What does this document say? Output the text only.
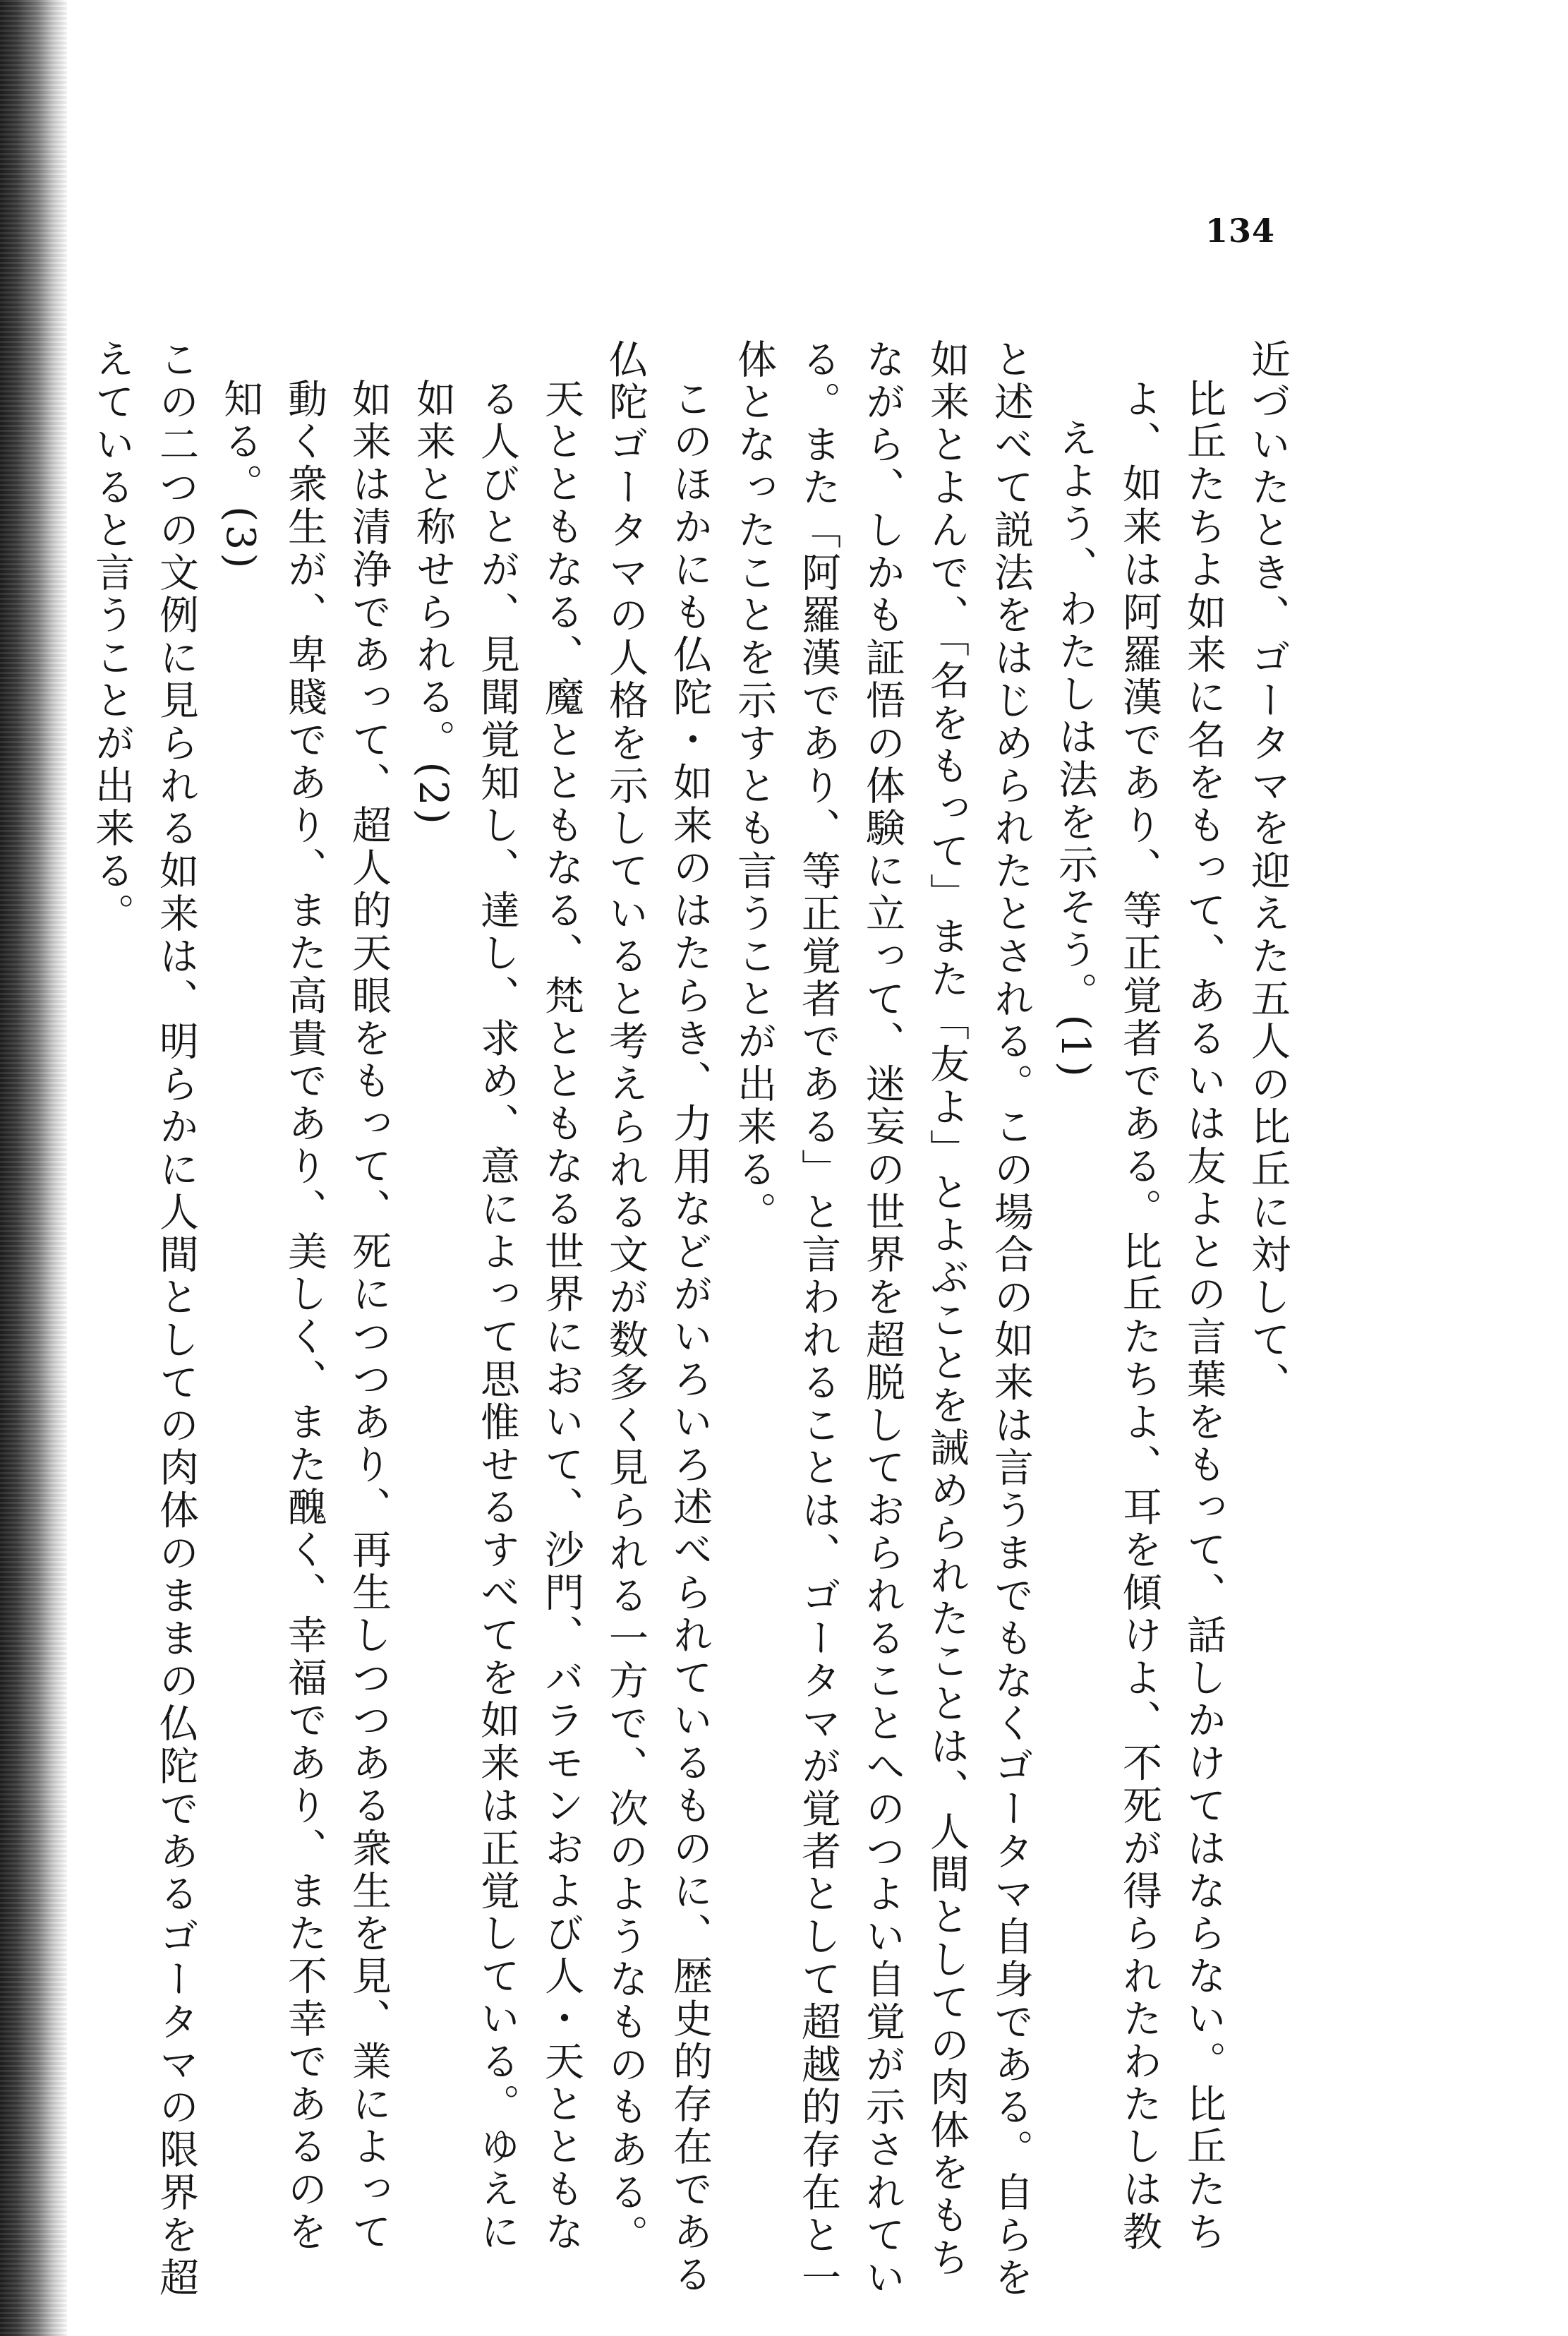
134
近づいたとき、ゴータマを迎えた五人の比丘に対して、
比丘たちよ如来に名をもって、あるいは友よとの言葉をもって、話しかけてはならない。比丘たち
よ、如来は阿羅漢であり、等正覚者である。比丘たちよ、耳を傾けよ、不死が得られたわたしは教
えよう、わたしは法を示そう。(1)
と述べて説法をはじめられたとされる。この場合の如来は言うまでもなくゴータマ自身である。自らを
如来とよんで、「名をもって」また「友よ」とよぶことを誡められたことは、人間としての肉体をもち
ながら、しかも証悟の体験に立って、迷妄の世界を超脱しておられることへのつよい自覚が示されてい
る。また「阿羅漢であり、等正覚者である」と言われることは、ゴータマが覚者として超越的存在と一
体となったことを示すとも言うことが出来る。
このほかにも仏陀・如来のはたらき、力用などがいろいろ述べられているものに、歴史的存在である
仏陀ゴータマの人格を示していると考えられる文が数多く見られる一方で、次のようなものもある。
天とともなる、魔とともなる、梵とともなる世界において、沙門、バラモンおよび人・天とともな
る人びとが、見聞覚知し、達し、求め、意によって思惟せるすべてを如来は正覚している。ゆえに
如来と称せられる。(2)
如来は清浄であって、超人的天眼をもって、死につつあり、再生しつつある衆生を見、業によって
動く衆生が、卑賤であり、また高貴であり、美しく、また醜く、幸福であり、また不幸であるのを
知る。(3)
この二つの文例に見られる如来は、明らかに人間としての肉体のままの仏陀であるゴータマの限界を超
えていると言うことが出来る。
